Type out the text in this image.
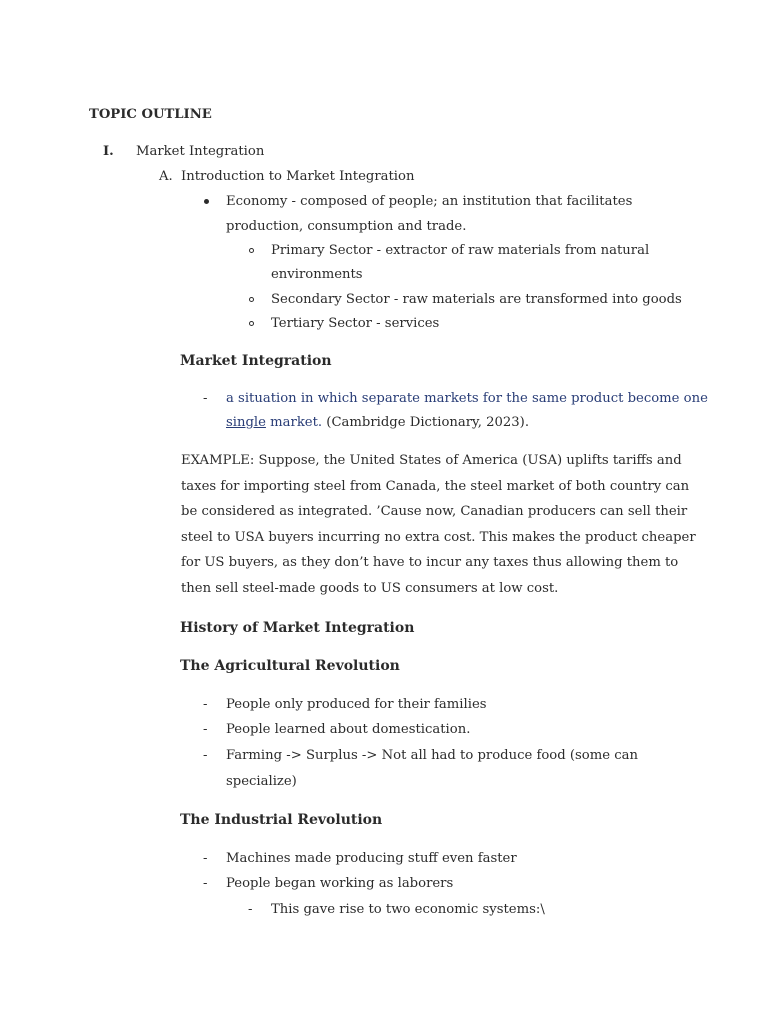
TOPIC OUTLINE
I. Market Integration
A. Introduction to Market Integration
Economy - composed of people; an institution that facilitates
production, consumption and trade.
Primary Sector - extractor of raw materials from natural
environments
Secondary Sector - raw materials are transformed into goods
Tertiary Sector - services
Market Integration
- a situation in which separate markets for the same product become one
single market. (Cambridge Dictionary, 2023).
EXAMPLE: Suppose, the United States of America (USA) uplifts tariffs and
taxes for importing steel from Canada, the steel market of both country can
be considered as integrated. ’Cause now, Canadian producers can sell their
steel to USA buyers incurring no extra cost. This makes the product cheaper
for US buyers, as they don’t have to incur any taxes thus allowing them to
then sell steel-made goods to US consumers at low cost.
History of Market Integration
The Agricultural Revolution
- People only produced for their families
- People learned about domestication.
- Farming -> Surplus -> Not all had to produce food (some can
specialize)
The Industrial Revolution
- Machines made producing stuff even faster
- People began working as laborers
- This gave rise to two economic systems:\
